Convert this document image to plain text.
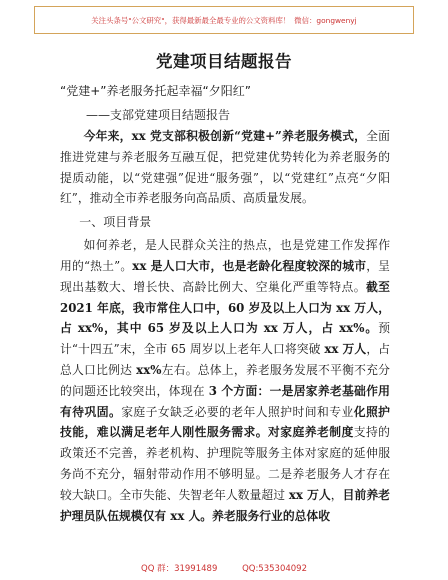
关注头条号"公文研究"，获得最新最全最专业的公文资料库！ 微信：gongwenyj
党建项目结题报告
“党建+”养老服务托起幸福“夕阳红”
——支部党建项目结题报告

今年来，xx 党支部积极创新“党建+”养老服务模式，全面推进党建与养老服务互融互促，把党建优势转化为养老服务的提质动能，以“党建强”促进“服务强”，以“党建红”点亮“夕阳红”，推动全市养老服务向高品质、高质量发展。

一、项目背景

如何养老，是人民群众关注的热点，也是党建工作发挥作用的“热土”。xx 是人口大市，也是老龄化程度较深的城市，呈现出基数大、增长快、高龄比例大、空巢化严重等特点。截至 2021 年底，我市常住人口中，60 岁及以上人口为 xx 万人，占 xx%，其中 65 岁及以上人口为 xx 万人，占 xx%。预计“十四五”末，全市 65 周岁以上老年人口将突破 xx 万人，占总人口比例达 xx%左右。总体上，养老服务发展不平衡不充分的问题还比较突出，体现在 3 个方面：一是居家养老基础作用有待巩固。家庭子女缺乏必要的老年人照护时间和专业化照护技能，难以满足老年人刚性服务需求。对家庭养老制度支持的政策还不完善，养老机构、护理院等服务主体对家庭的延伸服务尚不充分，辐射带动作用不够明显。二是养老服务人才存在较大缺口。全市失能、失智老年人数量超过 xx 万人，目前养老护理员队伍规模仅有 xx 人。养老服务行业的总体收

QQ 群：31991489	QQ:535304092
